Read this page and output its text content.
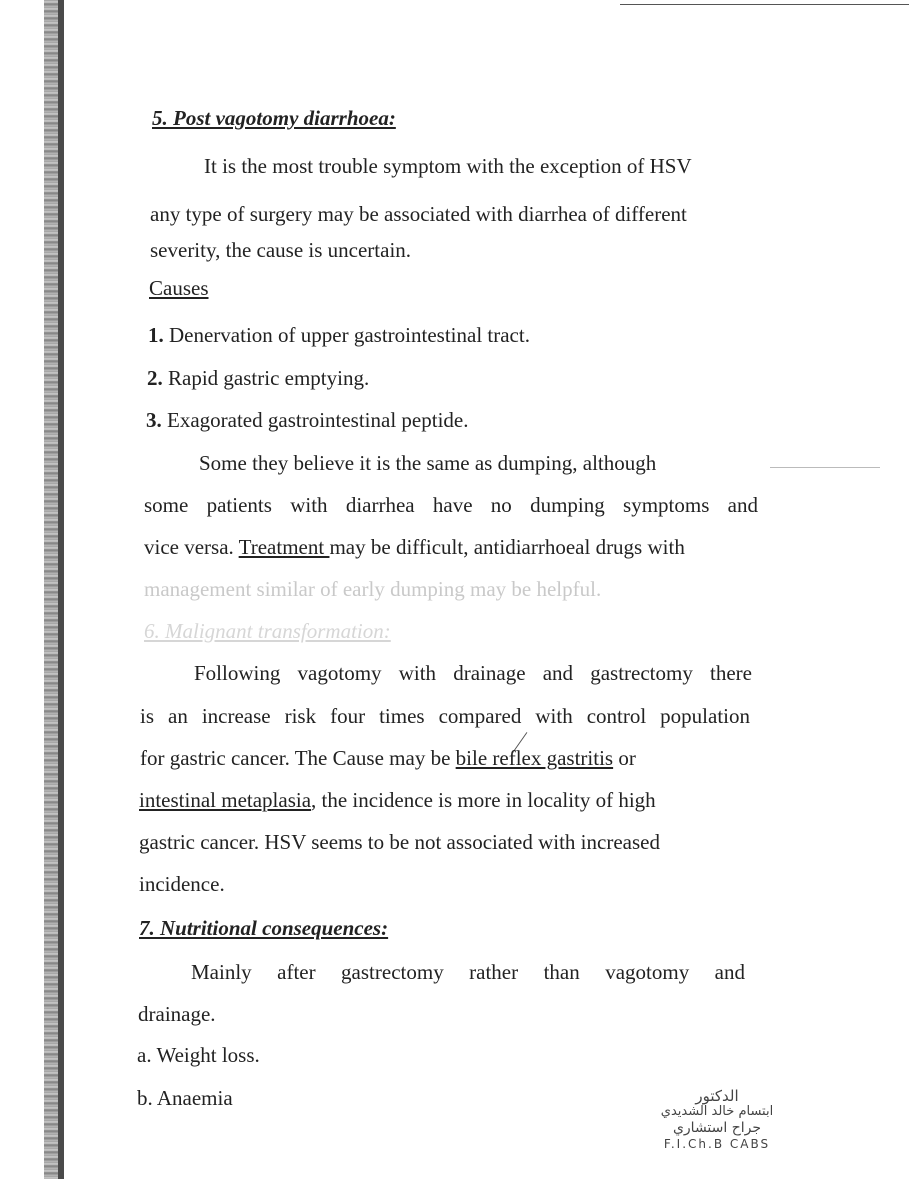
5. Post vagotomy diarrhoea:

It is the most trouble symptom with the exception of HSV

any type of surgery may be associated with diarrhea of different

severity, the cause is uncertain.

Causes

1. Denervation of upper gastrointestinal tract.

2. Rapid gastric emptying.

3. Exagorated gastrointestinal peptide.

Some they believe it is the same as dumping, although

some patients with diarrhea have no dumping symptoms and

vice versa. Treatment may be difficult, antidiarrhoeal drugs with

management similar of early dumping may be helpful.

6. Malignant transformation:

Following vagotomy with drainage and gastrectomy there

is an increase risk four times compared with control population

for gastric cancer. The Cause may be bile reflex gastritis or

intestinal metaplasia, the incidence is more in locality of high

gastric cancer. HSV seems to be not associated with increased

incidence.

7. Nutritional consequences:

Mainly after gastrectomy rather than vagotomy and

drainage.

a. Weight loss.

b. Anaemia	الدكتور
ابتسام خالد الشديدي
جراح استشاري
F.I.Ch.B CABS
